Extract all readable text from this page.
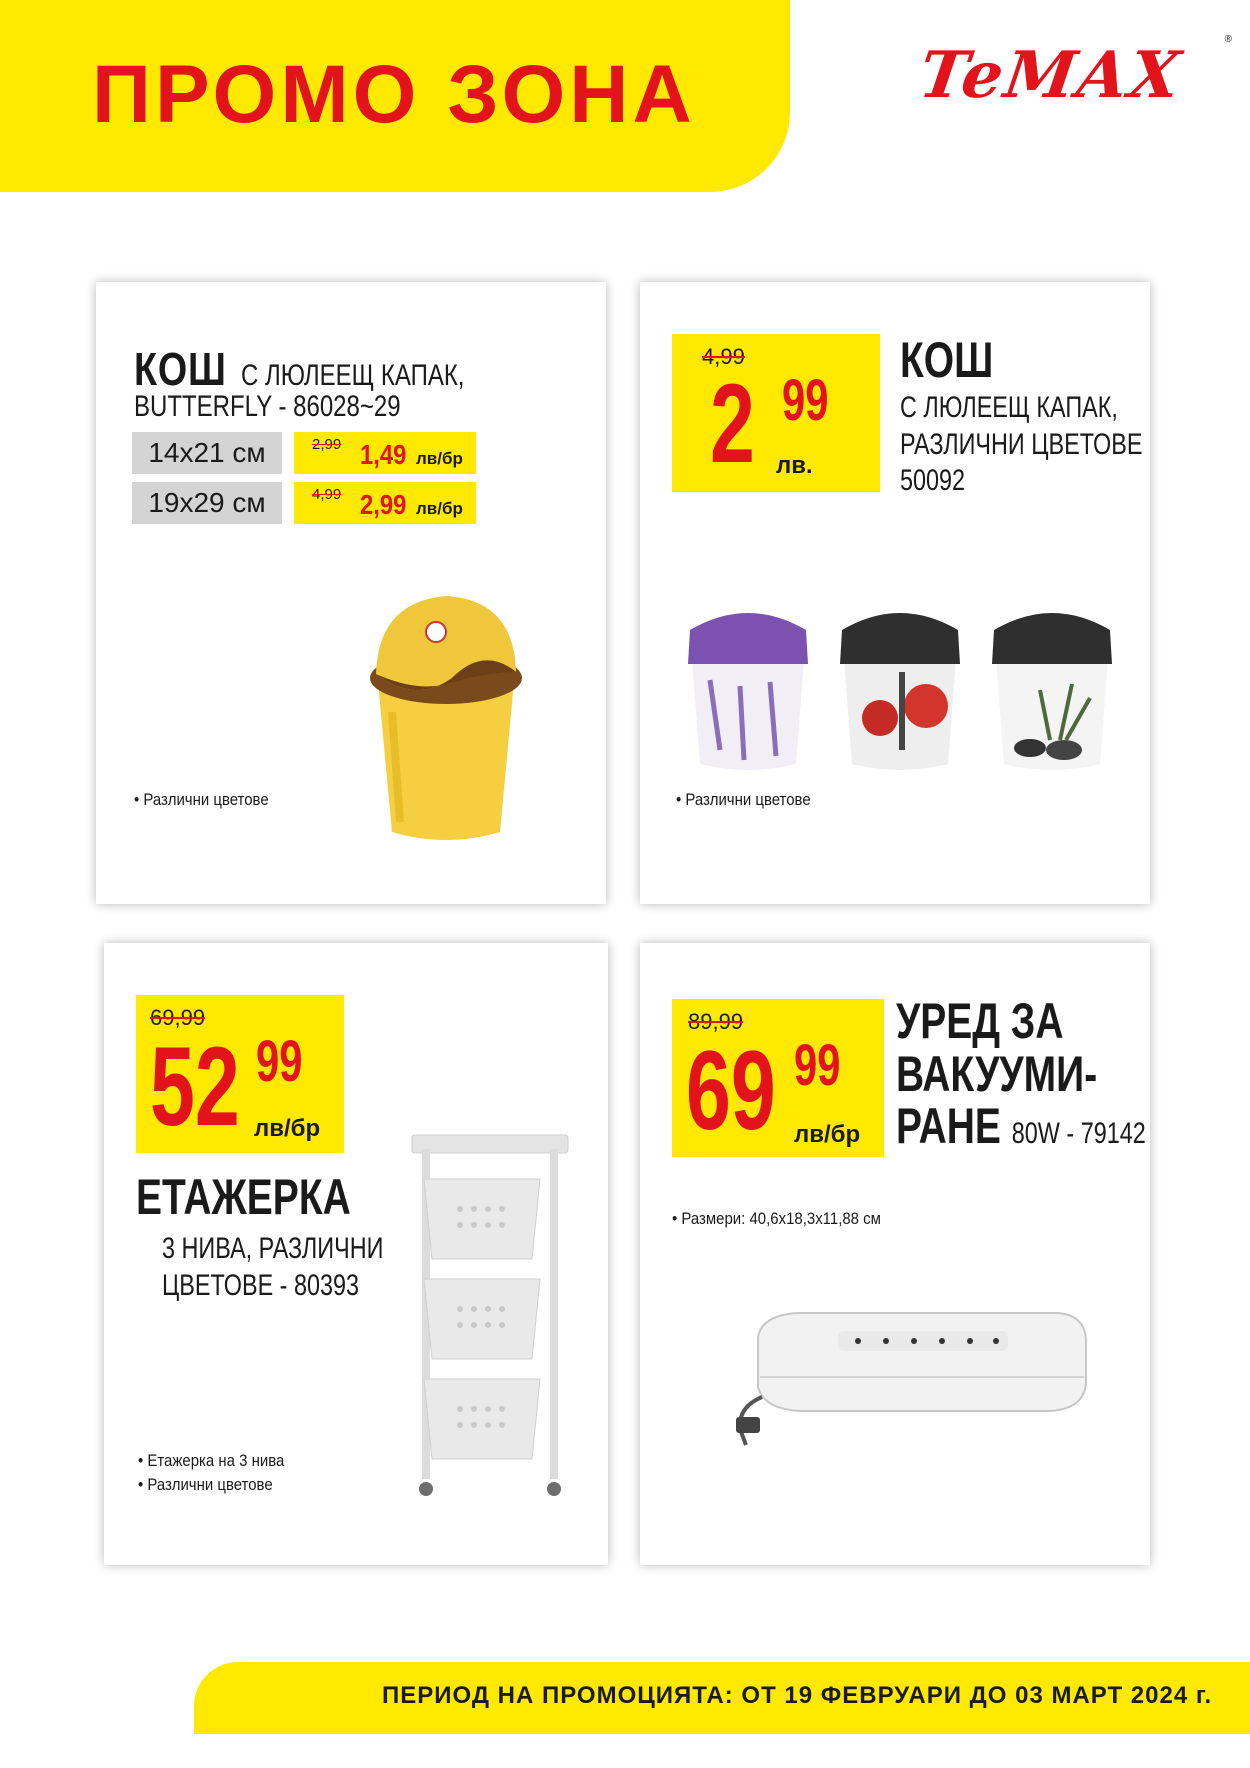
ПРОМО ЗОНА	TeMAX	®
КОШ С ЛЮЛЕЕЩ КАПАК,
BUTTERFLY - 86028~29
14x21 см	2,99 1,49 лв/бр
19x29 см	4,99 2,99 лв/бр
• Различни цветове
4,99
2 99
лв.
КОШ
С ЛЮЛЕЕЩ КАПАК,
РАЗЛИЧНИ ЦВЕТОВЕ
50092
• Различни цветове
69,99
52 99
лв/бр
ЕТАЖЕРКА
3 НИВА, РАЗЛИЧНИ
ЦВЕТОВЕ - 80393
• Етажерка на 3 нива
• Различни цветове
89,99
69 99
лв/бр
УРЕД ЗА
ВАКУУМИ-
РАНЕ 80W - 79142
• Размери: 40,6x18,3x11,88 см
ПЕРИОД НА ПРОМОЦИЯТА: ОТ 19 ФЕВРУАРИ ДО 03 МАРТ 2024 г.
